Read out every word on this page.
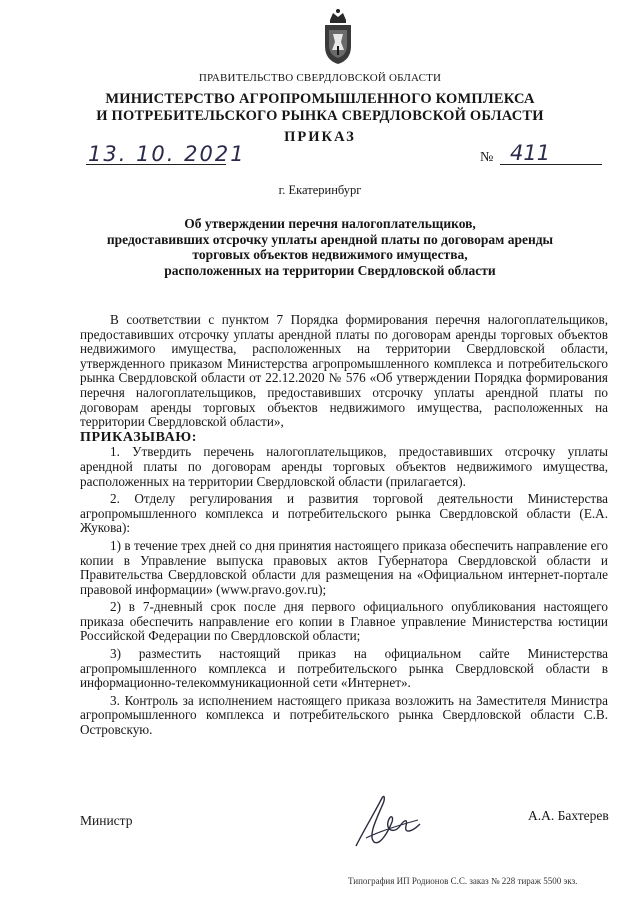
ПРАВИТЕЛЬСТВО СВЕРДЛОВСКОЙ ОБЛАСТИ
МИНИСТЕРСТВО АГРОПРОМЫШЛЕННОГО КОМПЛЕКСА
И ПОТРЕБИТЕЛЬСКОГО РЫНКА СВЕРДЛОВСКОЙ ОБЛАСТИ
ПРИКАЗ
13. 10. 2021	№ 411
г. Екатеринбург
Об утверждении перечня налогоплательщиков,
предоставивших отсрочку уплаты арендной платы по договорам аренды
торговых объектов недвижимого имущества,
расположенных на территории Свердловской области

В соответствии с пунктом 7 Порядка формирования перечня налогоплательщиков, предоставивших отсрочку уплаты арендной платы по договорам аренды торговых объектов недвижимого имущества, расположенных на территории Свердловской области, утвержденного приказом Министерства агропромышленного комплекса и потребительского рынка Свердловской области от 22.12.2020 № 576 «Об утверждении Порядка формирования перечня налогоплательщиков, предоставивших отсрочку уплаты арендной платы по договорам аренды торговых объектов недвижимого имущества, расположенных на территории Свердловской области»,

ПРИКАЗЫВАЮ:

1. Утвердить перечень налогоплательщиков, предоставивших отсрочку уплаты арендной платы по договорам аренды торговых объектов недвижимого имущества, расположенных на территории Свердловской области (прилагается).

2. Отделу регулирования и развития торговой деятельности Министерства агропромышленного комплекса и потребительского рынка Свердловской области (Е.А. Жукова):

1) в течение трех дней со дня принятия настоящего приказа обеспечить направление его копии в Управление выпуска правовых актов Губернатора Свердловской области и Правительства Свердловской области для размещения на «Официальном интернет-портале правовой информации» (www.pravo.gov.ru);

2) в 7-дневный срок после дня первого официального опубликования настоящего приказа обеспечить направление его копии в Главное управление Министерства юстиции Российской Федерации по Свердловской области;

3) разместить настоящий приказ на официальном сайте Министерства агропромышленного комплекса и потребительского рынка Свердловской области в информационно-телекоммуникационной сети «Интернет».

3. Контроль за исполнением настоящего приказа возложить на Заместителя Министра агропромышленного комплекса и потребительского рынка Свердловской области С.В. Островскую.

Министр	А.А. Бахтерев
Типография ИП Родионов С.С. заказ № 228 тираж 5500 экз.
